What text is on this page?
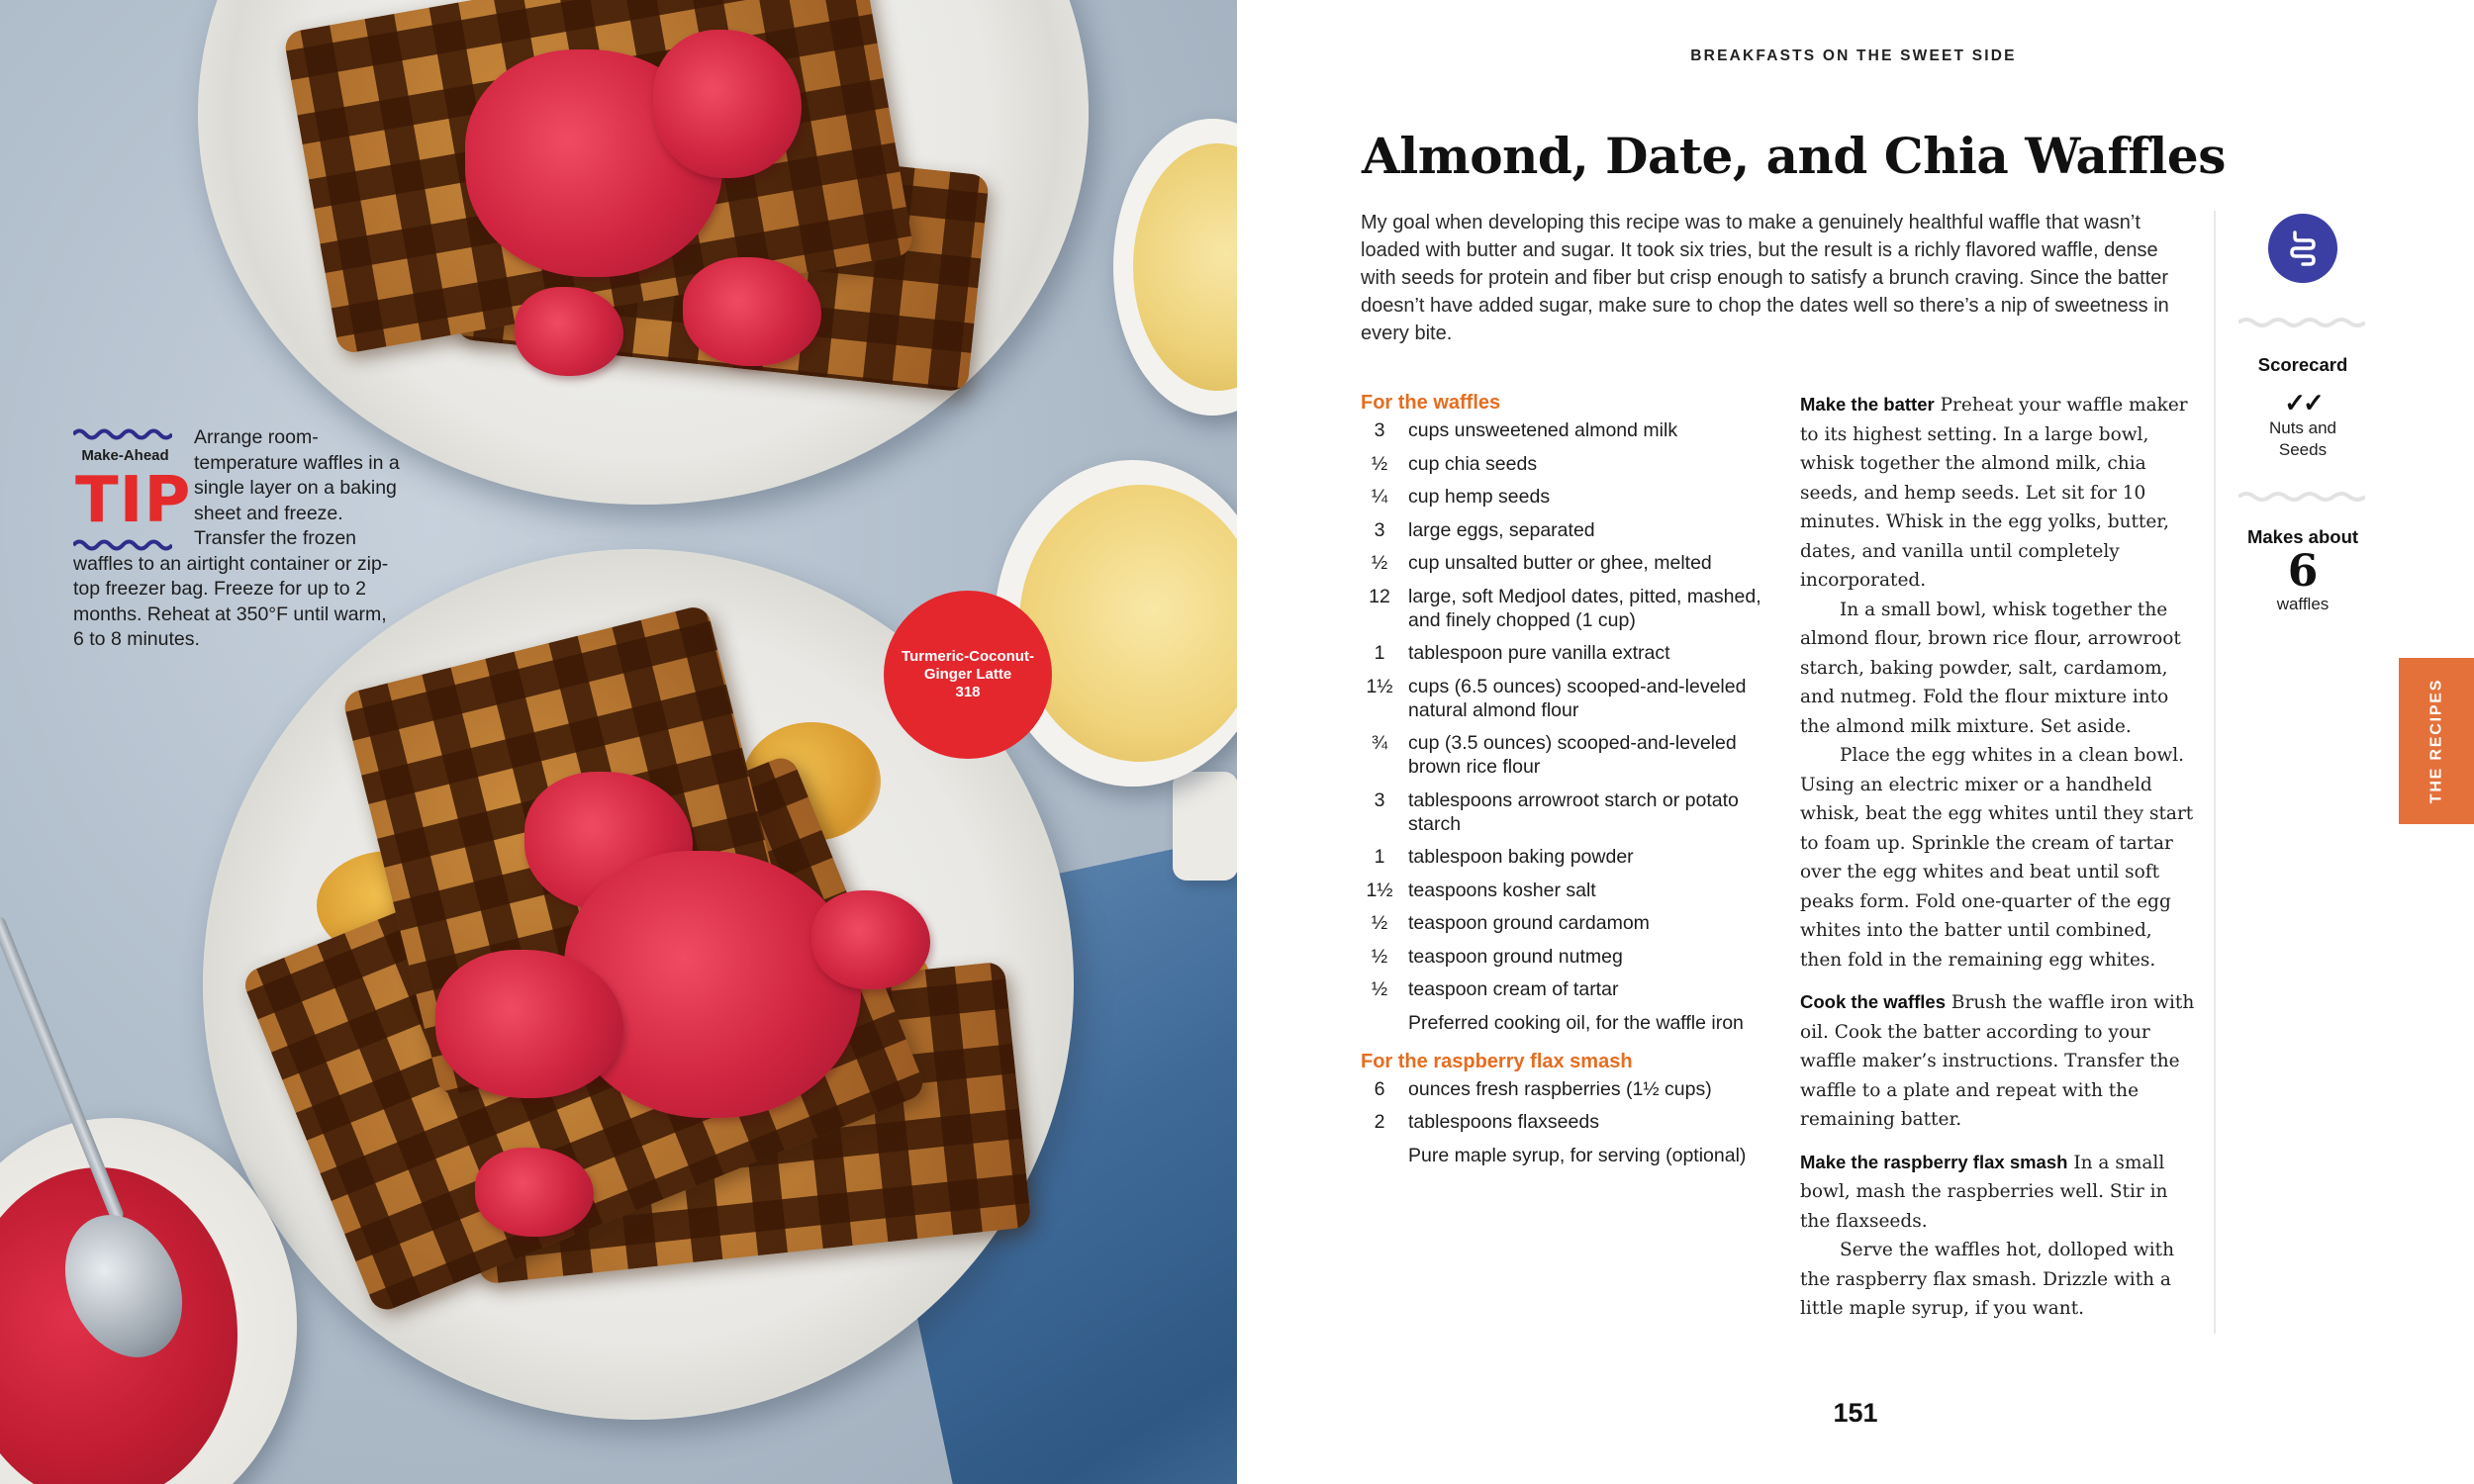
Arrange room-temperature waffles in a single layer on a baking sheet and freeze. Transfer the frozen waffles to an airtight container or zip-top freezer bag. Freeze for up to 2 months. Reheat at 350°F until warm, 6 to 8 minutes.
Make-Ahead
TIP
Turmeric-Coconut-Ginger Latte
318
BREAKFASTS ON THE SWEET SIDE
Almond, Date, and Chia Waffles

My goal when developing this recipe was to make a genuinely healthful waffle that wasn’t loaded with butter and sugar. It took six tries, but the result is a richly flavored waffle, dense with seeds for protein and fiber but crisp enough to satisfy a brunch craving. Since the batter doesn’t have added sugar, make sure to chop the dates well so there’s a nip of sweetness in every bite.

For the waffles
3	cups unsweetened almond milk
½	cup chia seeds
¼	cup hemp seeds
3	large eggs, separated
½	cup unsalted butter or ghee, melted
12 large, soft Medjool dates, pitted, mashed, and finely chopped (1 cup)
1	tablespoon pure vanilla extract
1½ cups (6.5 ounces) scooped-and-leveled natural almond flour
¾	cup (3.5 ounces) scooped-and-leveled brown rice flour
3	tablespoons arrowroot starch or potato starch
1	tablespoon baking powder
1½ teaspoons kosher salt
½	teaspoon ground cardamom
½	teaspoon ground nutmeg
½	teaspoon cream of tartar
Preferred cooking oil, for the waffle iron
For the raspberry flax smash
6	ounces fresh raspberries (1½ cups)
2	tablespoons flaxseeds
Pure maple syrup, for serving (optional)

Make the batter Preheat your waffle maker to its highest setting. In a large bowl, whisk together the almond milk, chia seeds, and hemp seeds. Let sit for 10 minutes. Whisk in the egg yolks, butter, dates, and vanilla until completely incorporated.

In a small bowl, whisk together the almond flour, brown rice flour, arrowroot starch, baking powder, salt, cardamom, and nutmeg. Fold the flour mixture into the almond milk mixture. Set aside.

Place the egg whites in a clean bowl. Using an electric mixer or a handheld whisk, beat the egg whites until they start to foam up. Sprinkle the cream of tartar over the egg whites and beat until soft peaks form. Fold one-quarter of the egg whites into the batter until combined, then fold in the remaining egg whites.

Cook the waffles Brush the waffle iron with oil. Cook the batter according to your waffle maker’s instructions. Transfer the waffle to a plate and repeat with the remaining batter.

Make the raspberry flax smash In a small bowl, mash the raspberries well. Stir in the flaxseeds.

Serve the waffles hot, dolloped with the raspberry flax smash. Drizzle with a little maple syrup, if you want.

Scorecard
✓✓
Nuts and Seeds
Makes about
6
waffles
THE RECIPES
151
